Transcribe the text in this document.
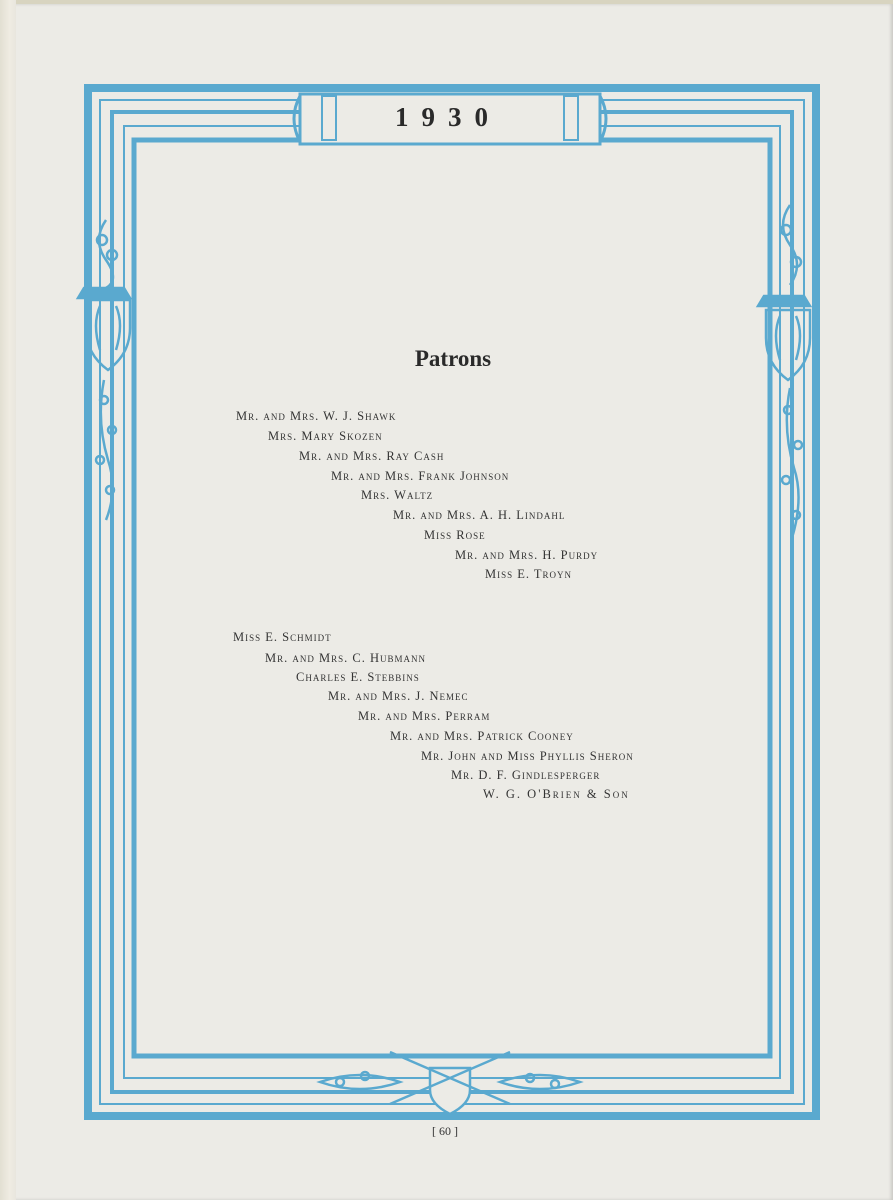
1930
Patrons
Mr. and Mrs. W. J. Shawk
Mrs. Mary Skozen
Mr. and Mrs. Ray Cash
Mr. and Mrs. Frank Johnson
Mrs. Waltz
Mr. and Mrs. A. H. Lindahl
Miss Rose
Mr. and Mrs. H. Purdy
Miss E. Troyn
Miss E. Schmidt
Mr. and Mrs. C. Hubmann
Charles E. Stebbins
Mr. and Mrs. J. Nemec
Mr. and Mrs. Perram
Mr. and Mrs. Patrick Cooney
Mr. John and Miss Phyllis Sheron
Mr. D. F. Gindlesperger
W. G. O'Brien & Son
[ 60 ]
